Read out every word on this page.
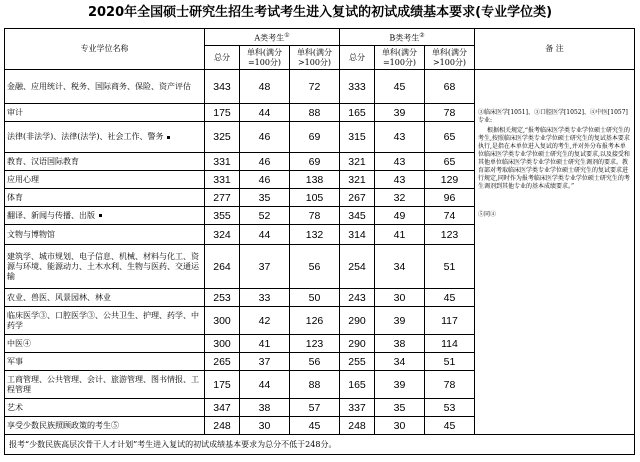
2020年全国硕士研究生招生考试考生进入复试的初试成绩基本要求(专业学位类)
专业学位名称	A类考生①			B类考生②			备 注
	总分	单科(满分=100分)	单科(满分>100分)	总分	单科(满分=100分)	单科(满分>100分)	
金融、应用统计、税务、国际商务、保险、资产评估	343	48	72	333	45	68	③临床医学[1051]、③口腔医学[1052]、④中医[1057]专业:

根据相关规定,“报考临床医学类专业学位硕士研究生的考生,按照临床医学类专业学位硕士研究生的复试基本要求执行,是指在本单位进入复试的考生,并对外分布报考本单位临床医学类专业学位硕士研究生的复试要求,以及接受和其他单位临床医学类专业学位硕士研究生调剂的要求。教育部对考取临床医学类专业学位硕士研究生的复试要求进行规定,同时作为报考临床医学类专业学位硕士研究生的考生调剂到其他专业的基本成绩要求。”

⑤同④

审计	175	44	88	165	39	78	
法律(非法学)、法律(法学)、社会工作、警务	325	46	69	315	43	65	
教育、汉语国际教育	331	46	69	321	43	65	
应用心理	331	46	138	321	43	129	
体育	277	35	105	267	32	96	
翻译、新闻与传播、出版	355	52	78	345	49	74	
文物与博物馆	324	44	132	314	41	123	
建筑学、城市规划、电子信息、机械、材料与化工、资源与环境、能源动力、土木水利、生物与医药、交通运输	264	37	56	254	34	51	
农业、兽医、风景园林、林业	253	33	50	243	30	45	
临床医学③、口腔医学③、公共卫生、护理、药学、中药学	300	42	126	290	39	117	
中医④	300	41	123	290	38	114	
军事	265	37	56	255	34	51	
工商管理、公共管理、会计、旅游管理、图书情报、工程管理	175	44	88	165	39	78	
艺术	347	38	57	337	35	53	
享受少数民族照顾政策的考生⑤	248	30	45	248	30	45	
报考“少数民族高层次骨干人才计划”考生进入复试的初试成绩基本要求为总分不低于248分。							
